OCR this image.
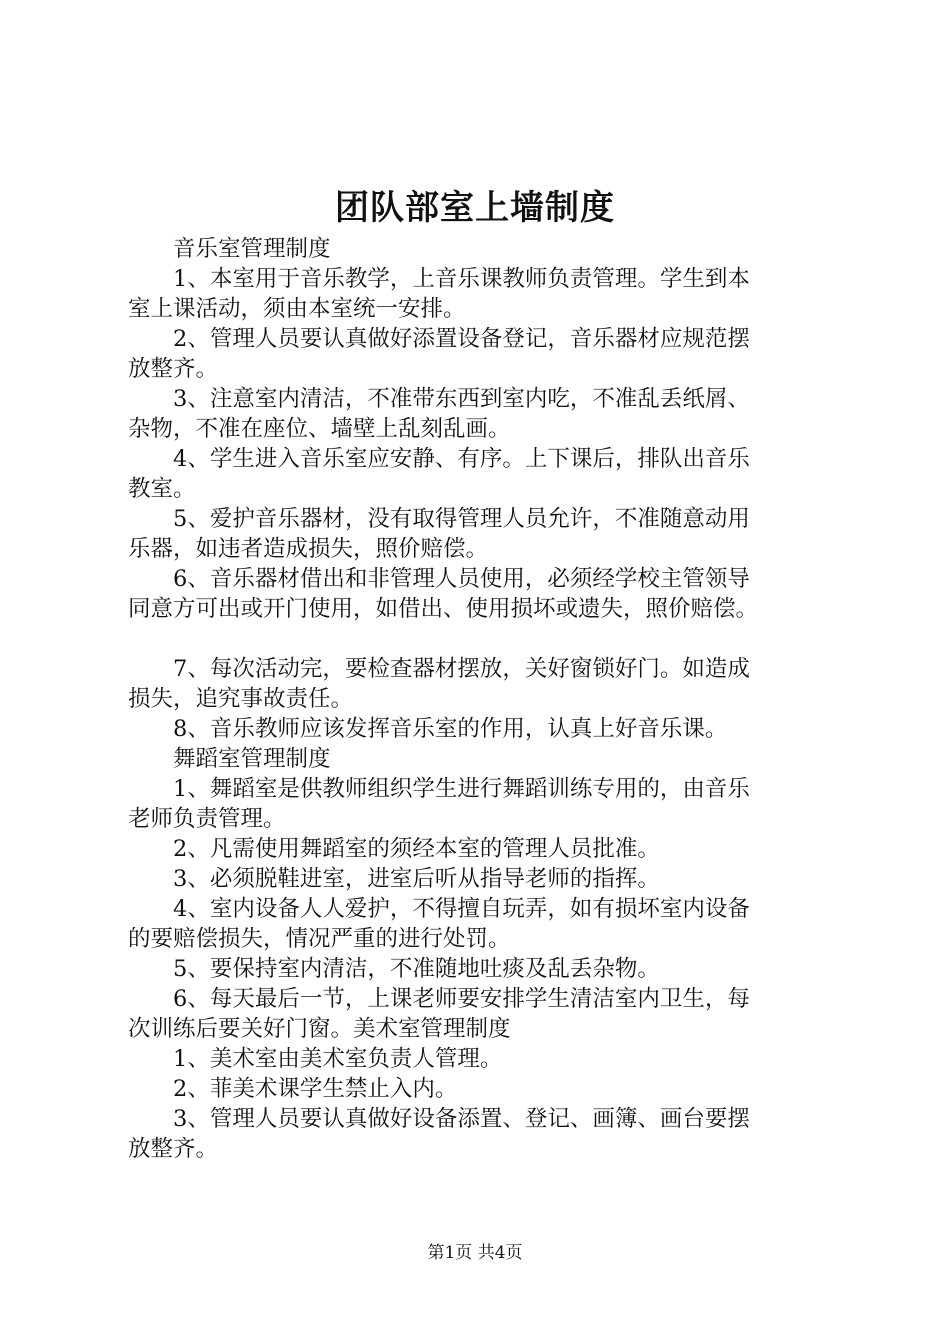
团队部室上墙制度
音乐室管理制度
1、本室用于音乐教学，上音乐课教师负责管理。学生到本
室上课活动，须由本室统一安排。
2、管理人员要认真做好添置设备登记，音乐器材应规范摆
放整齐。
3、注意室内清洁，不准带东西到室内吃，不准乱丢纸屑、
杂物，不准在座位、墙壁上乱刻乱画。
4、学生进入音乐室应安静、有序。上下课后，排队出音乐
教室。
5、爱护音乐器材，没有取得管理人员允许，不准随意动用
乐器，如违者造成损失，照价赔偿。
6、音乐器材借出和非管理人员使用，必须经学校主管领导
同意方可出或开门使用，如借出、使用损坏或遗失，照价赔偿。
7、每次活动完，要检查器材摆放，关好窗锁好门。如造成
损失，追究事故责任。
8、音乐教师应该发挥音乐室的作用，认真上好音乐课。
舞蹈室管理制度
1、舞蹈室是供教师组织学生进行舞蹈训练专用的，由音乐
老师负责管理。
2、凡需使用舞蹈室的须经本室的管理人员批准。
3、必须脱鞋进室，进室后听从指导老师的指挥。
4、室内设备人人爱护，不得擅自玩弄，如有损坏室内设备
的要赔偿损失，情况严重的进行处罚。
5、要保持室内清洁，不准随地吐痰及乱丢杂物。
6、每天最后一节，上课老师要安排学生清洁室内卫生，每
次训练后要关好门窗。美术室管理制度
1、美术室由美术室负责人管理。
2、菲美术课学生禁止入内。
3、管理人员要认真做好设备添置、登记、画簿、画台要摆
放整齐。
第1页 共4页
